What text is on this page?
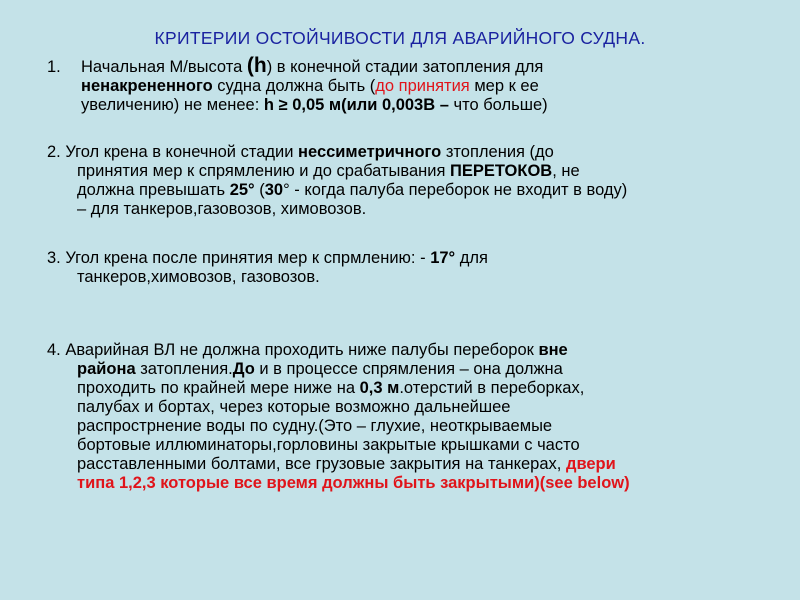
КРИТЕРИИ ОСТОЙЧИВОСТИ ДЛЯ АВАРИЙНОГО СУДНА.
1. Начальная М/высота (h) в конечной стадии затопления для
ненакрененного судна должна быть (до принятия мер к ее
увеличению) не менее: h ≥ 0,05 м(или 0,003В – что больше)
2. Угол крена в конечной стадии нессиметричного зтопления (до
принятия мер к спрямлению и до срабатывания ПЕРЕТОКОВ, не
должна превышать 25° (30° - когда палуба переборок не входит в воду)
– для танкеров,газовозов, химовозов.
3. Угол крена после принятия мер к спрмлению: - 17° для
танкеров,химовозов, газовозов.
4. Аварийная ВЛ не должна проходить ниже палубы переборок вне
района затопления.До и в процессе спрямления – она должна
проходить по крайней мере ниже на 0,3 м.отерстий в переборках,
палубах и бортах, через которые возможно дальнейшее
распрострнение воды по судну.(Это – глухие, неоткрываемые
бортовые иллюминаторы,горловины закрытые крышками с часто
расставленными болтами, все грузовые закрытия на танкерах, двери
типа 1,2,3 которые все время должны быть закрытыми)(see below)
